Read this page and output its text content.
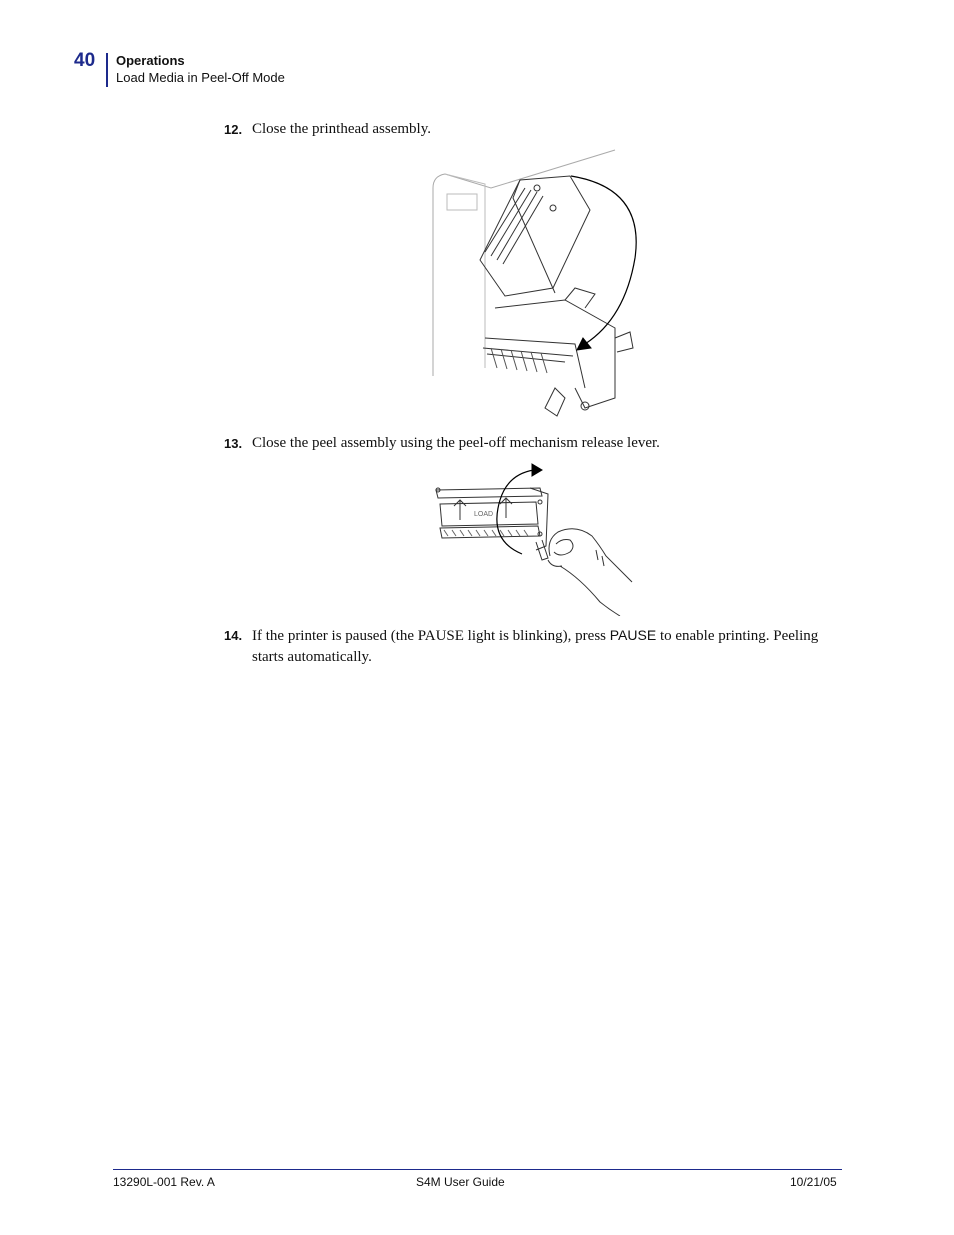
40 Operations
Load Media in Peel-Off Mode
12. Close the printhead assembly.
13. Close the peel assembly using the peel-off mechanism release lever.
LOAD
14. If the printer is paused (the PAUSE light is blinking), press PAUSE to enable printing. Peeling starts automatically.
13290L-001 Rev. A	S4M User Guide	10/21/05
